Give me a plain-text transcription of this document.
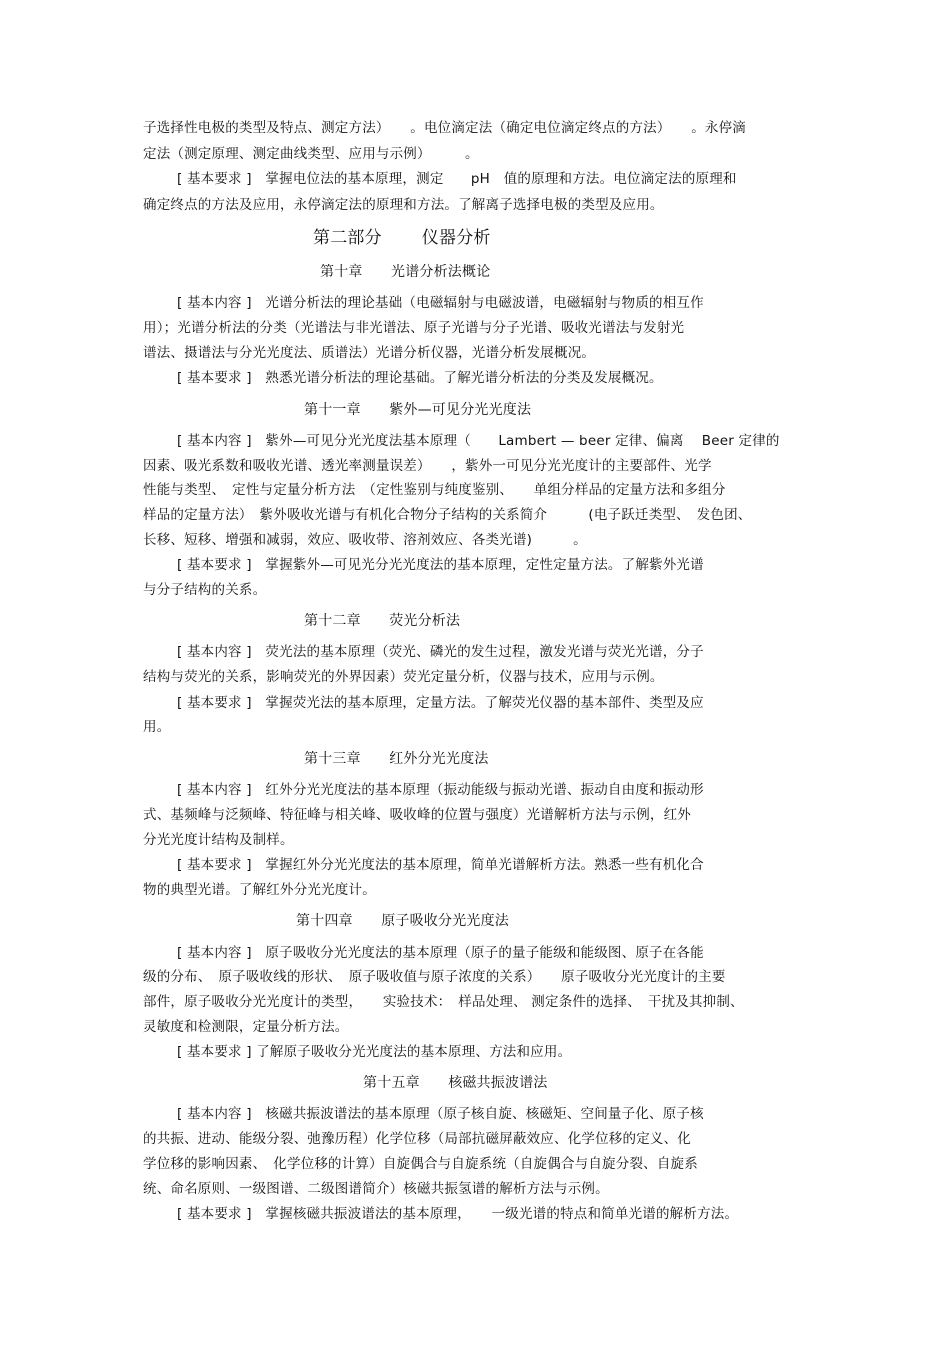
子选择性电极的类型及特点、测定方法）　　。电位滴定法（确定电位滴定终点的方法）　　。永停滴
定法（测定原理、测定曲线类型、应用与示例）　　　。
[ 基本要求 ]　掌握电位法的基本原理，测定　　pH　值的原理和方法。电位滴定法的原理和
确定终点的方法及应用，永停滴定法的原理和方法。了解离子选择电极的类型及应用。
第二部分　　 仪器分析
第十章　　光谱分析法概论
[ 基本内容 ]　光谱分析法的理论基础（电磁辐射与电磁波谱，电磁辐射与物质的相互作
用）；光谱分析法的分类（光谱法与非光谱法、原子光谱与分子光谱、吸收光谱法与发射光
谱法、摄谱法与分光光度法、质谱法）光谱分析仪器，光谱分析发展概况。
[ 基本要求 ]　熟悉光谱分析法的理论基础。了解光谱分析法的分类及发展概况。
第十一章　　紫外—可见分光光度法
[ 基本内容 ]　紫外—可见分光光度法基本原理（　　Lambert — beer 定律、偏离　 Beer 定律的
因素、吸光系数和吸收光谱、透光率测量误差）　　，紫外一可见分光光度计的主要部件、光学
性能与类型、　定性与定量分析方法　（定性鉴别与纯度鉴别、　　单组分样品的定量方法和多组分
样品的定量方法）　紫外吸收光谱与有机化合物分子结构的关系简介　　　(电子跃迁类型、　发色团、
长移、短移、增强和减弱，效应、吸收带、溶剂效应、各类光谱)　　　。
[ 基本要求 ]　掌握紫外—可见光分光光度法的基本原理，定性定量方法。了解紫外光谱
与分子结构的关系。
第十二章　　荧光分析法
[ 基本内容 ]　荧光法的基本原理（荧光、磷光的发生过程，激发光谱与荧光光谱，分子
结构与荧光的关系，影响荧光的外界因素）荧光定量分析，仪器与技术，应用与示例。
[ 基本要求 ]　掌握荧光法的基本原理，定量方法。了解荧光仪器的基本部件、类型及应
用。
第十三章　　红外分光光度法
[ 基本内容 ]　红外分光光度法的基本原理（振动能级与振动光谱、振动自由度和振动形
式、基频峰与泛频峰、特征峰与相关峰、吸收峰的位置与强度）光谱解析方法与示例，红外
分光光度计结构及制样。
[ 基本要求 ]　掌握红外分光光度法的基本原理，简单光谱解析方法。熟悉一些有机化合
物的典型光谱。了解红外分光光度计。
第十四章　　原子吸收分光光度法
[ 基本内容 ]　原子吸收分光光度法的基本原理（原子的量子能级和能级图、原子在各能
级的分布、　原子吸收线的形状、　原子吸收值与原子浓度的关系）　　原子吸收分光光度计的主要
部件，原子吸收分光光度计的类型，　　实验技术：　样品处理、 测定条件的选择、　干扰及其抑制、
灵敏度和检测限，定量分析方法。
[ 基本要求 ] 了解原子吸收分光光度法的基本原理、方法和应用。
第十五章　　核磁共振波谱法
[ 基本内容 ]　核磁共振波谱法的基本原理（原子核自旋、核磁矩、空间量子化、原子核
的共振、进动、能级分裂、弛豫历程）化学位移（局部抗磁屏蔽效应、化学位移的定义、化
学位移的影响因素、　化学位移的计算）自旋偶合与自旋系统（自旋偶合与自旋分裂、自旋系
统、命名原则、一级图谱、二级图谱简介）核磁共振氢谱的解析方法与示例。
[ 基本要求 ]　掌握核磁共振波谱法的基本原理，　　一级光谱的特点和简单光谱的解析方法。
